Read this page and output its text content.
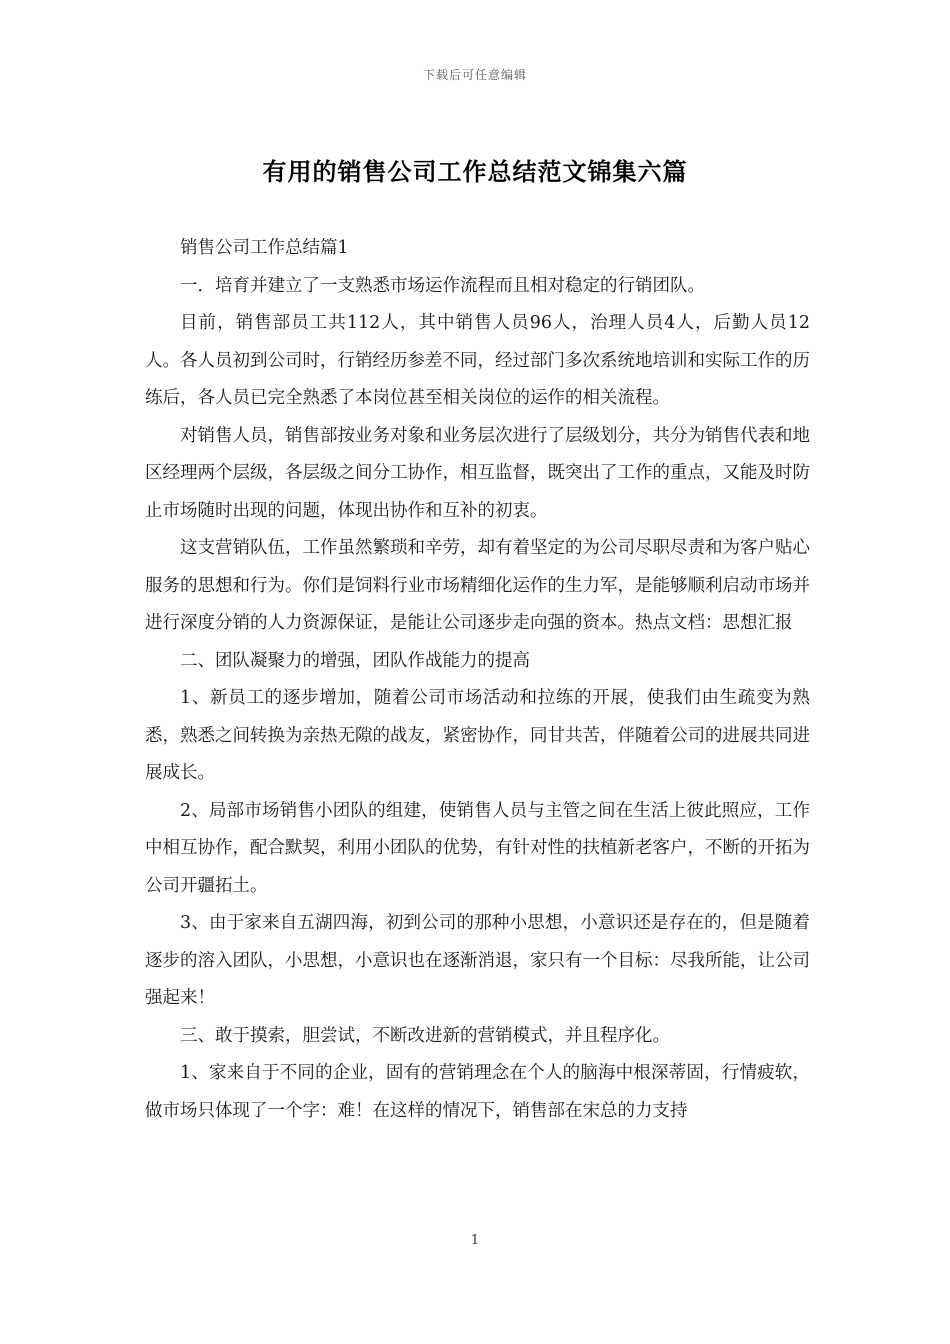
下载后可任意编辑
有用的销售公司工作总结范文锦集六篇

销售公司工作总结篇1

一．培育并建立了一支熟悉市场运作流程而且相对稳定的行销团队。

目前，销售部员工共112人，其中销售人员96人，治理人员4人，后勤人员12人。各人员初到公司时，行销经历参差不同，经过部门多次系统地培训和实际工作的历练后，各人员已完全熟悉了本岗位甚至相关岗位的运作的相关流程。

对销售人员，销售部按业务对象和业务层次进行了层级划分，共分为销售代表和地区经理两个层级，各层级之间分工协作，相互监督，既突出了工作的重点，又能及时防止市场随时出现的问题，体现出协作和互补的初衷。

这支营销队伍，工作虽然繁琐和辛劳，却有着坚定的为公司尽职尽责和为客户贴心服务的思想和行为。你们是饲料行业市场精细化运作的生力军，是能够顺利启动市场并进行深度分销的人力资源保证，是能让公司逐步走向强的资本。热点文档：思想汇报

二、团队凝聚力的增强，团队作战能力的提高

1、新员工的逐步增加，随着公司市场活动和拉练的开展，使我们由生疏变为熟悉，熟悉之间转换为亲热无隙的战友，紧密协作，同甘共苦，伴随着公司的进展共同进展成长。

2、局部市场销售小团队的组建，使销售人员与主管之间在生活上彼此照应，工作中相互协作，配合默契，利用小团队的优势，有针对性的扶植新老客户，不断的开拓为公司开疆拓土。

3、由于家来自五湖四海，初到公司的那种小思想，小意识还是存在的，但是随着逐步的溶入团队，小思想，小意识也在逐渐消退，家只有一个目标：尽我所能，让公司强起来！

三、敢于摸索，胆尝试，不断改进新的营销模式，并且程序化。

1、家来自于不同的企业，固有的营销理念在个人的脑海中根深蒂固，行情疲软，做市场只体现了一个字：难！在这样的情况下，销售部在宋总的力支持

1
